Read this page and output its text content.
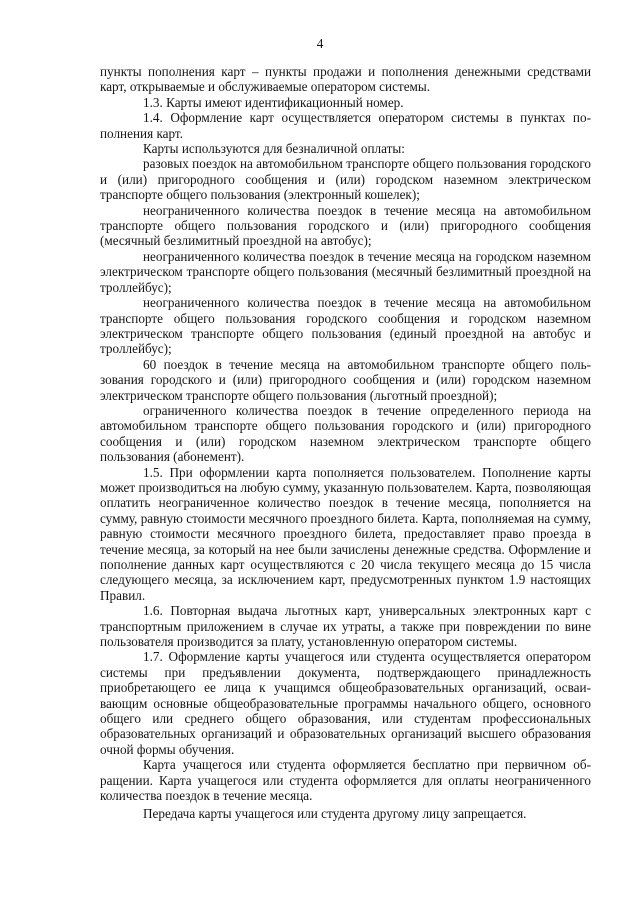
4

пункты пополнения карт – пункты продажи и пополнения денежными средствами карт, открываемые и обслуживаемые оператором системы.

1.3. Карты имеют идентификационный номер.

1.4. Оформление карт осуществляется оператором системы в пунктах пополнения карт.

Карты используются для безналичной оплаты:

разовых поездок на автомобильном транспорте общего пользования городского и (или) пригородного сообщения и (или) городском наземном электрическом транспорте общего пользования (электронный кошелек);

неограниченного количества поездок в течение месяца на автомобильном транспорте общего пользования городского и (или) пригородного сообщения (месячный безлимитный проездной на автобус);

неограниченного количества поездок в течение месяца на городском наземном электрическом транспорте общего пользования (месячный безлимитный проездной на троллейбус);

неограниченного количества поездок в течение месяца на автомобильном транспорте общего пользования городского сообщения и городском наземном электрическом транспорте общего пользования (единый проездной на автобус и троллейбус);

60 поездок в течение месяца на автомобильном транспорте общего пользования городского и (или) пригородного сообщения и (или) городском наземном электрическом транспорте общего пользования (льготный проездной);

ограниченного количества поездок в течение определенного периода на автомобильном транспорте общего пользования городского и (или) пригородного сообщения и (или) городском наземном электрическом транспорте общего пользования (абонемент).

1.5. При оформлении карта пополняется пользователем. Пополнение карты может производиться на любую сумму, указанную пользователем. Карта, позволяющая оплатить неограниченное количество поездок в течение месяца, пополняется на сумму, равную стоимости месячного проездного билета. Карта, пополняемая на сумму, равную стоимости месячного проездного билета, предоставляет право проезда в течение месяца, за который на нее были зачислены денежные средства. Оформление и пополнение данных карт осуществляются с 20 числа текущего месяца до 15 числа следующего месяца, за исключением карт, предусмотренных пунктом 1.9 настоящих Правил.

1.6. Повторная выдача льготных карт, универсальных электронных карт с транспортным приложением в случае их утраты, а также при повреждении по вине пользователя производится за плату, установленную оператором системы.

1.7. Оформление карты учащегося или студента осуществляется оператором системы при предъявлении документа, подтверждающего принадлежность приобретающего ее лица к учащимся общеобразовательных организаций, осваивающим основные общеобразовательные программы начального общего, основного общего или среднего общего образования, или студентам профессиональных образовательных организаций и образовательных организаций высшего образования очной формы обучения.

Карта учащегося или студента оформляется бесплатно при первичном обращении. Карта учащегося или студента оформляется для оплаты неограниченного количества поездок в течение месяца.

Передача карты учащегося или студента другому лицу запрещается.
